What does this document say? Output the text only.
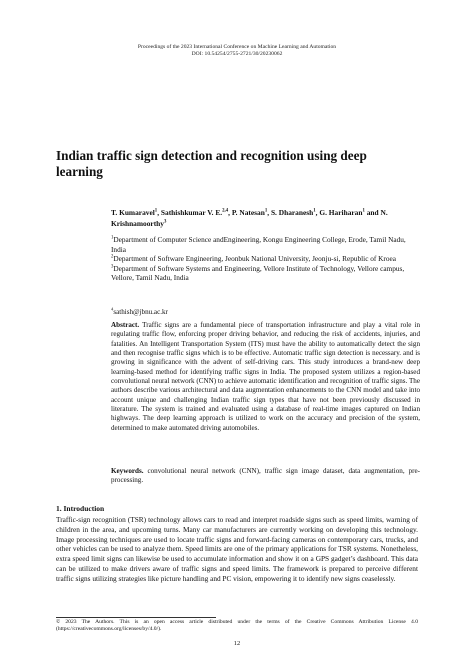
Proceedings of the 2023 International Conference on Machine Learning and Automation
DOI: 10.54254/2755-2721/30/20230062
Indian traffic sign detection and recognition using deep learning
T. Kumaravel$^1$, Sathishkumar V. E.$^{2,4}$, P. Natesan$^1$, S. Dharanesh$^1$, G. Hariharan$^1$ and N. Krishnamoorthy$^3$
$^1$Department of Computer Science andEngineering, Kongu Engineering College, Erode, Tamil Nadu, India
$^2$Department of Software Engineering, Jeonbuk National University, Jeonju-si, Republic of Kroea
$^3$Department of Software Systems and Engineering, Vellore Institute of Technology, Vellore campus, Vellore, Tamil Nadu, India
$^4$sathish@jbnu.ac.kr
Abstract. Traffic signs are a fundamental piece of transportation infrastructure and play a vital role in regulating traffic flow, enforcing proper driving behavior, and reducing the risk of accidents, injuries, and fatalities. An Intelligent Transportation System (ITS) must have the ability to automatically detect the sign and then recognise traffic signs which is to be effective. Automatic traffic sign detection is necessary. and is growing in significance with the advent of self-driving cars. This study introduces a brand-new deep learning-based method for identifying traffic signs in India. The proposed system utilizes a region-based convolutional neural network (CNN) to achieve automatic identification and recognition of traffic signs. The authors describe various architectural and data augmentation enhancements to the CNN model and take into account unique and challenging Indian traffic sign types that have not been previously discussed in literature. The system is trained and evaluated using a database of real-time images captured on Indian highways. The deep learning approach is utilized to work on the accuracy and precision of the system, determined to make automated driving automobiles.
Keywords. convolutional neural network (CNN), traffic sign image dataset, data augmentation, pre-processing.
1. Introduction
Traffic-sign recognition (TSR) technology allows cars to read and interpret roadside signs such as speed limits, warning of children in the area, and upcoming turns. Many car manufacturers are currently working on developing this technology. Image processing techniques are used to locate traffic signs and forward-facing cameras on contemporary cars, trucks, and other vehicles can be used to analyze them. Speed limits are one of the primary applications for TSR systems. Nonetheless, extra speed limit signs can likewise be used to accumulate information and show it on a GPS gadget’s dashboard. This data can be utilized to make drivers aware of traffic signs and speed limits. The framework is prepared to perceive different traffic signs utilizing strategies like picture handling and PC vision, empowering it to identify new signs ceaselessly.
© 2023 The Authors. This is an open access article distributed under the terms of the Creative Commons Attribution License 4.0 (https://creativecommons.org/licenses/by/4.0/).
12
